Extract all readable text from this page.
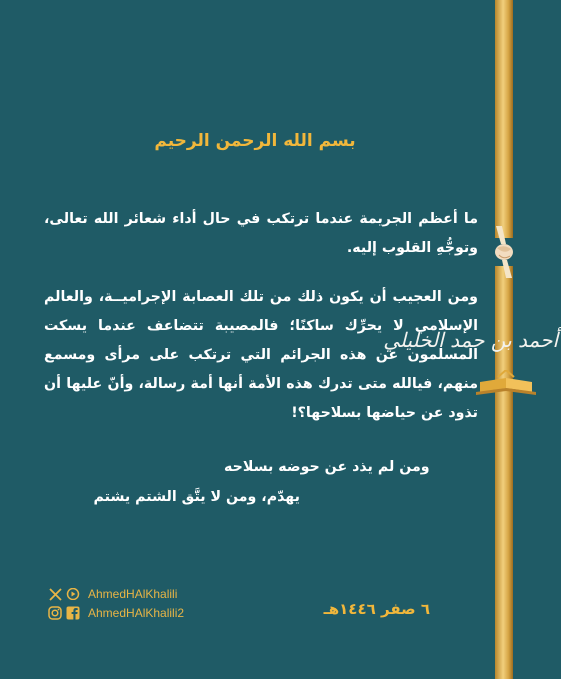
أحمد بن حمد الخليلي
بسم الله الرحمن الرحيم

ما أعظم الجريمة عندما ترتكب في حال أداء شعائر الله تعالى، وتوجُّهِ القلوب إليه.

ومن العجيب أن يكون ذلك من تلك العصابة الإجراميــة، والعالم الإسلامي لا يحرِّك ساكنًا؛ فالمصيبة تتضاعف عندما يسكت المسلمون عن هذه الجرائم التي ترتكب على مرأى ومسمع منهم، فيالله متى تدرك هذه الأمة أنها أمة رسالة، وأنّ عليها أن تذود عن حياضها بسلاحها؟!

ومن لم يذد عن حوضه بسلاحه

يهدّم، ومن لا يتَّق الشتم يشتم

AhmedHAlKhalili
AhmedHAlKhalili2	٦ صفر ١٤٤٦هـ
